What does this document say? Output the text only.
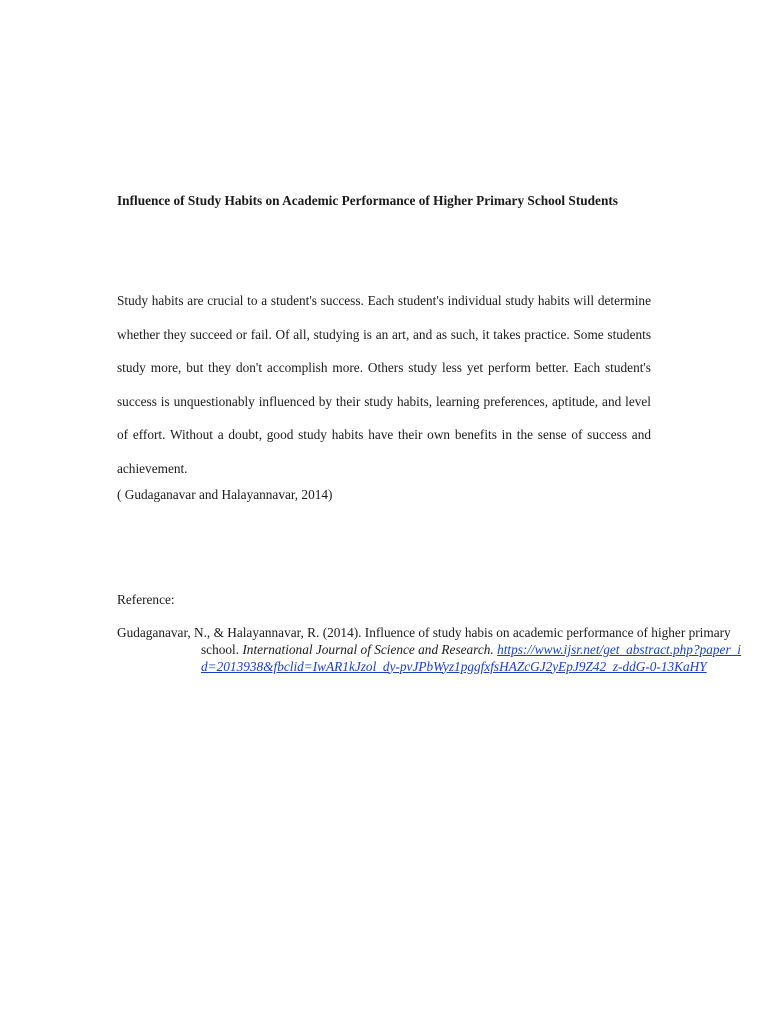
Influence of Study Habits on Academic Performance of Higher Primary School Students

Study habits are crucial to a student's success. Each student's individual study habits will determine whether they succeed or fail. Of all, studying is an art, and as such, it takes practice. Some students study more, but they don't accomplish more. Others study less yet perform better. Each student's success is unquestionably influenced by their study habits, learning preferences, aptitude, and level of effort. Without a doubt, good study habits have their own benefits in the sense of success and achievement.
( Gudaganavar and Halayannavar, 2014)

Reference:

Gudaganavar, N., & Halayannavar, R. (2014). Influence of study habis on academic performance of higher primary school. International Journal of Science and Research. https://www.ijsr.net/get_abstract.php?paper_id=2013938&fbclid=IwAR1kJzol_dy-pvJPbWyz1pggfxfsHAZcGJ2yEpJ9Z42_z-ddG-0-13KaHY
